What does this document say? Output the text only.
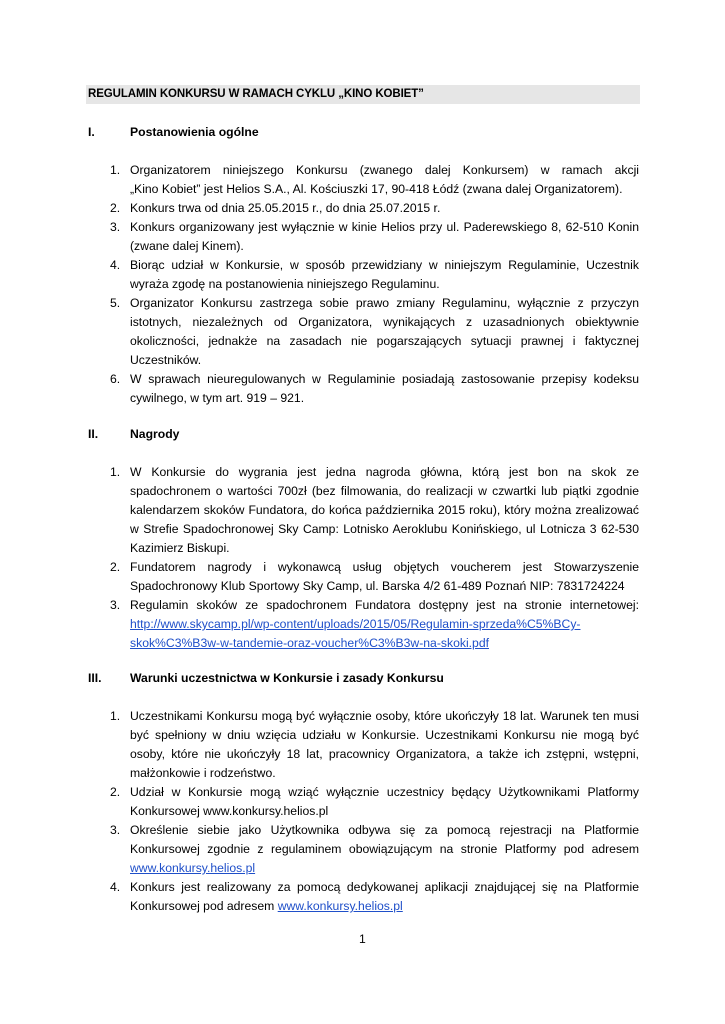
REGULAMIN KONKURSU W RAMACH CYKLU „KINO KOBIET”
I.	Postanowienia ogólne
1. Organizatorem niniejszego Konkursu (zwanego dalej Konkursem) w ramach akcji
„Kino Kobiet” jest Helios S.A., Al. Kościuszki 17, 90-418 Łódź (zwana dalej Organizatorem).
2. Konkurs trwa od dnia 25.05.2015 r., do dnia 25.07.2015 r.
3. Konkurs organizowany jest wyłącznie w kinie Helios przy ul. Paderewskiego 8, 62-510 Konin
(zwane dalej Kinem).
4. Biorąc udział w Konkursie, w sposób przewidziany w niniejszym Regulaminie, Uczestnik
wyraża zgodę na postanowienia niniejszego Regulaminu.
5. Organizator Konkursu zastrzega sobie prawo zmiany Regulaminu, wyłącznie z przyczyn
istotnych, niezależnych od Organizatora, wynikających z uzasadnionych obiektywnie
okoliczności, jednakże na zasadach nie pogarszających sytuacji prawnej i faktycznej
Uczestników.
6. W sprawach nieuregulowanych w Regulaminie posiadają zastosowanie przepisy kodeksu
cywilnego, w tym art. 919 – 921.
II.	Nagrody
1. W Konkursie do wygrania jest jedna nagroda główna, którą jest bon na skok ze
spadochronem o wartości 700zł (bez filmowania, do realizacji w czwartki lub piątki zgodnie
kalendarzem skoków Fundatora, do końca października 2015 roku), który można zrealizować
w Strefie Spadochronowej Sky Camp: Lotnisko Aeroklubu Konińskiego, ul Lotnicza 3 62-530
Kazimierz Biskupi.
2. Fundatorem nagrody i wykonawcą usług objętych voucherem jest Stowarzyszenie
Spadochronowy Klub Sportowy Sky Camp, ul. Barska 4/2 61-489 Poznań NIP: 7831724224
3. Regulamin skoków ze spadochronem Fundatora dostępny jest na stronie internetowej:
http://www.skycamp.pl/wp-content/uploads/2015/05/Regulamin-sprzeda%C5%BCy-
skok%C3%B3w-w-tandemie-oraz-voucher%C3%B3w-na-skoki.pdf
III. Warunki uczestnictwa w Konkursie i zasady Konkursu
1. Uczestnikami Konkursu mogą być wyłącznie osoby, które ukończyły 18 lat. Warunek ten musi
być spełniony w dniu wzięcia udziału w Konkursie. Uczestnikami Konkursu nie mogą być
osoby, które nie ukończyły 18 lat, pracownicy Organizatora, a także ich zstępni, wstępni,
małżonkowie i rodzeństwo.
2. Udział w Konkursie mogą wziąć wyłącznie uczestnicy będący Użytkownikami Platformy
Konkursowej www.konkursy.helios.pl
3. Określenie siebie jako Użytkownika odbywa się za pomocą rejestracji na Platformie
Konkursowej zgodnie z regulaminem obowiązującym na stronie Platformy pod adresem
www.konkursy.helios.pl
4. Konkurs jest realizowany za pomocą dedykowanej aplikacji znajdującej się na Platformie
Konkursowej pod adresem www.konkursy.helios.pl
1
